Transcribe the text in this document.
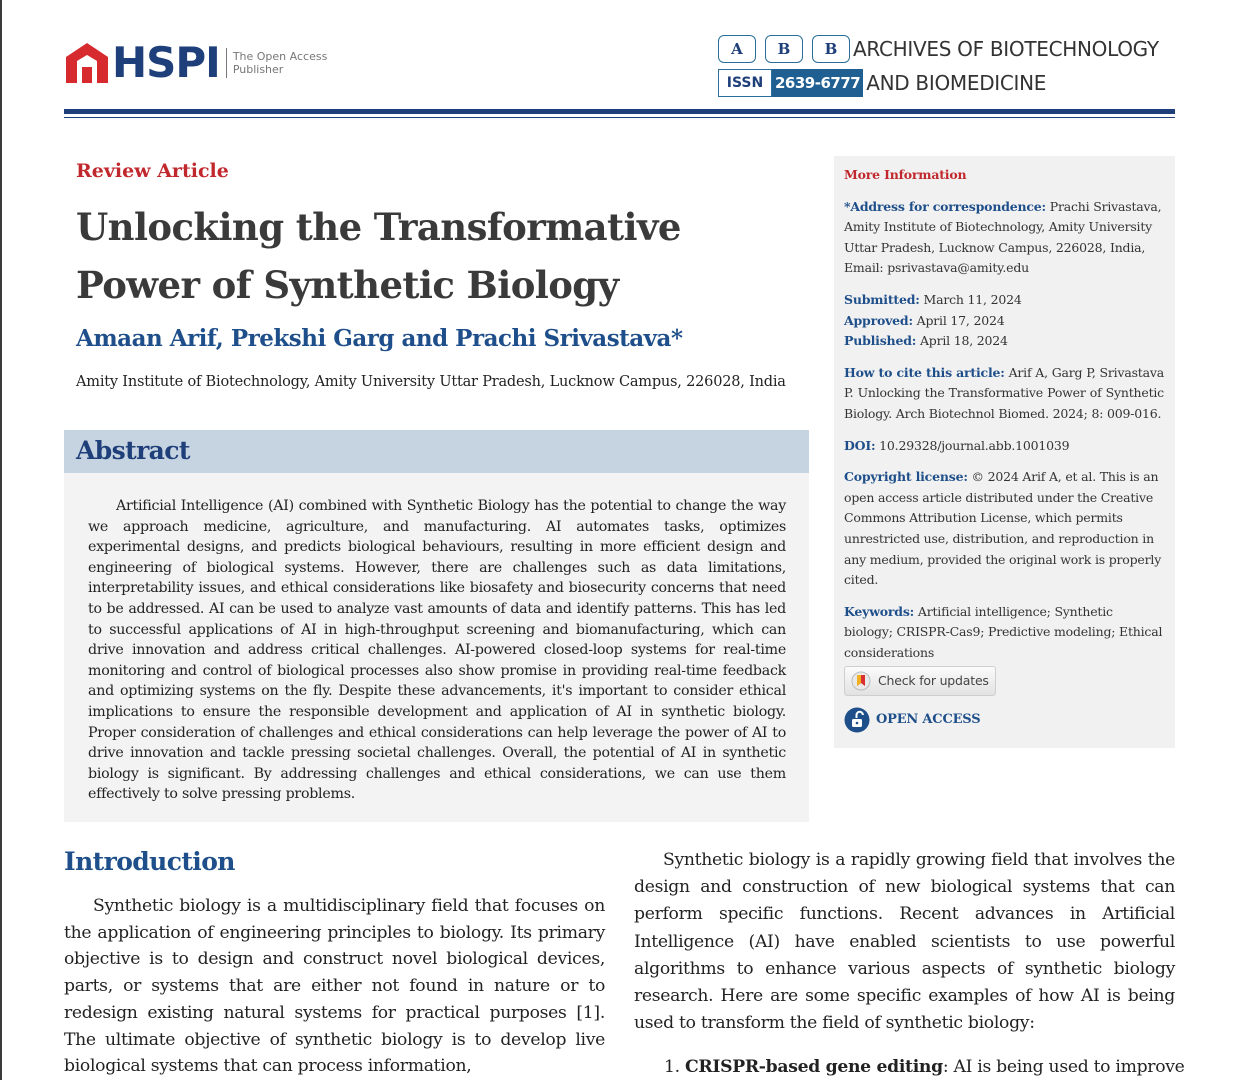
HSPI The Open Access
Publisher
A	B	B ARCHIVES OF BIOTECHNOLOGY
ISSN 2639-6777 AND BIOMEDICINE
Review Article
Unlocking the Transformative Power of Synthetic Biology
Amaan Arif, Prekshi Garg and Prachi Srivastava*
Amity Institute of Biotechnology, Amity University Uttar Pradesh, Lucknow Campus, 226028, India
Abstract

Artificial Intelligence (AI) combined with Synthetic Biology has the potential to change the way we approach medicine, agriculture, and manufacturing. AI automates tasks, optimizes experimental designs, and predicts biological behaviours, resulting in more efficient design and engineering of biological systems. However, there are challenges such as data limitations, interpretability issues, and ethical considerations like biosafety and biosecurity concerns that need to be addressed. AI can be used to analyze vast amounts of data and identify patterns. This has led to successful applications of AI in high-throughput screening and biomanufacturing, which can drive innovation and address critical challenges. AI-powered closed-loop systems for real-time monitoring and control of biological processes also show promise in providing real-time feedback and optimizing systems on the fly. Despite these advancements, it's important to consider ethical implications to ensure the responsible development and application of AI in synthetic biology. Proper consideration of challenges and ethical considerations can help leverage the power of AI to drive innovation and tackle pressing societal challenges. Overall, the potential of AI in synthetic biology is significant. By addressing challenges and ethical considerations, we can use them effectively to solve pressing problems.

More Information

*Address for correspondence: Prachi Srivastava, Amity Institute of Biotechnology, Amity University Uttar Pradesh, Lucknow Campus, 226028, India, Email: psrivastava@amity.edu

Submitted: March 11, 2024

Approved: April 17, 2024

Published: April 18, 2024

How to cite this article: Arif A, Garg P, Srivastava P. Unlocking the Transformative Power of Synthetic Biology. Arch Biotechnol Biomed. 2024; 8: 009-016.

DOI: 10.29328/journal.abb.1001039

Copyright license: © 2024 Arif A, et al. This is an open access article distributed under the Creative Commons Attribution License, which permits unrestricted use, distribution, and reproduction in any medium, provided the original work is properly cited.

Keywords: Artificial intelligence; Synthetic biology; CRISPR-Cas9; Predictive modeling; Ethical considerations

Check for updates
OPEN ACCESS
Introduction

Synthetic biology is a multidisciplinary field that focuses on the application of engineering principles to biology. Its primary objective is to design and construct novel biological devices, parts, or systems that are either not found in nature or to redesign existing natural systems for practical purposes [1]. The ultimate objective of synthetic biology is to develop live biological systems that can process information,

Synthetic biology is a rapidly growing field that involves the design and construction of new biological systems that can perform specific functions. Recent advances in Artificial Intelligence (AI) have enabled scientists to use powerful algorithms to enhance various aspects of synthetic biology research. Here are some specific examples of how AI is being used to transform the field of synthetic biology:

1. CRISPR-based gene editing: AI is being used to improve
